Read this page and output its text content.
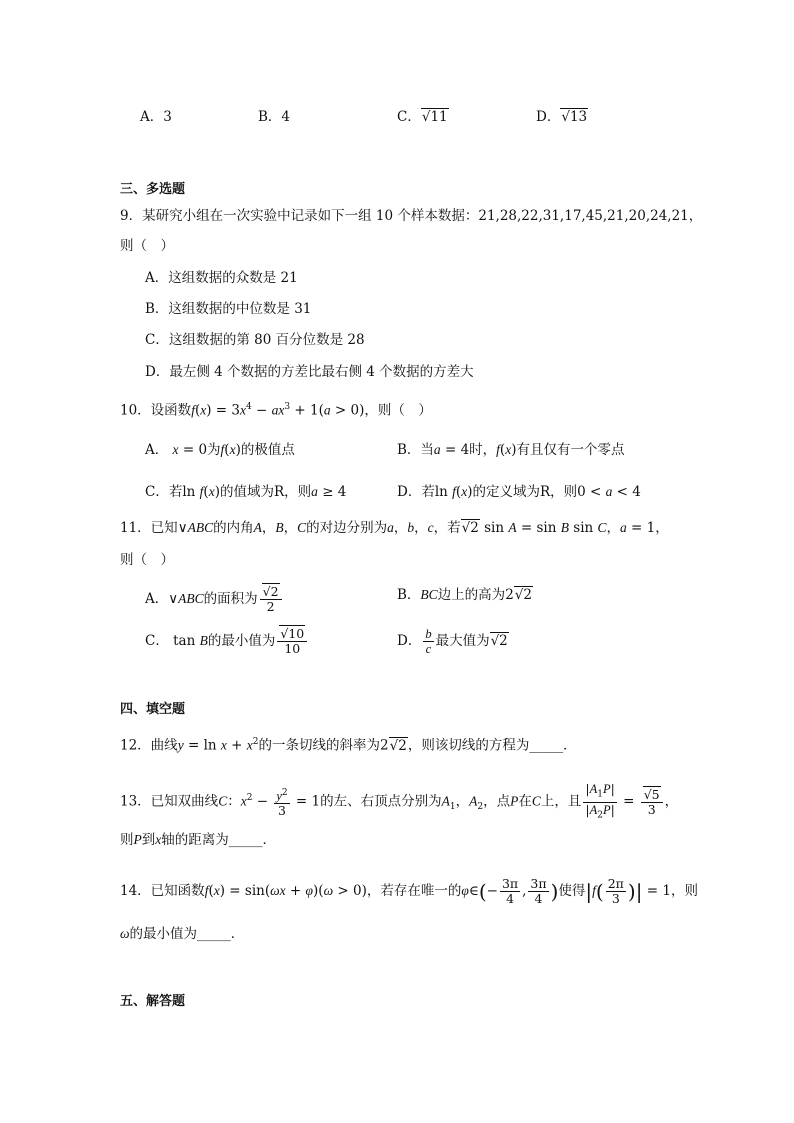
A．3	B．4	C．√11	D．√13
三、多选题
9．某研究小组在一次实验中记录如下一组 10 个样本数据：21,28,22,31,17,45,21,20,24,21，
则（　）
A．这组数据的众数是 21
B．这组数据的中位数是 31
C．这组数据的第 80 百分位数是 28
D．最左侧 4 个数据的方差比最右侧 4 个数据的方差大
10．设函数$f(x) = 3x^4 - ax^3 + 1(a > 0)$，则（　）
A． x = 0为f(x)的极值点	B．当a = 4时，f(x)有且仅有一个零点
C．若ln f(x)的值域为R，则a ≥ 4	D．若ln f(x)的定义域为R，则0 < a < 4
11．已知∨ABC的内角A，B，C的对边分别为a，b，c，若√2 sin A = sin B sin C，a = 1，
则（　）
A．∨ABC的面积为 $\frac{√2}{2}$	B．BC边上的高为2√2
C． tan B的最小值为 $\frac{√10}{10}$	D． $\frac{b}{c}$ 最大值为√2
四、填空题
12．曲线$y = \ln x + x^2$的一条切线的斜率为2√2，则该切线的方程为_____．
13．已知双曲线C：$x^2 - \frac{y^2}{3} = 1$的左、右顶点分别为$A_1$，$A_2$，点P在C上，且 $\frac{|A_1P|}{|A_2P|} = \frac{√5}{3}$ ，
则P到x轴的距离为_____．
14．已知函数f(x) = sin(ωx + φ)(ω > 0)，若存在唯一的φ∈(− $\frac{3\pi}{4}$ , $\frac{3\pi}{4}$ )使得$|f( \frac{2\pi}{3}$ )| = 1，则
ω的最小值为_____．
五、解答题
